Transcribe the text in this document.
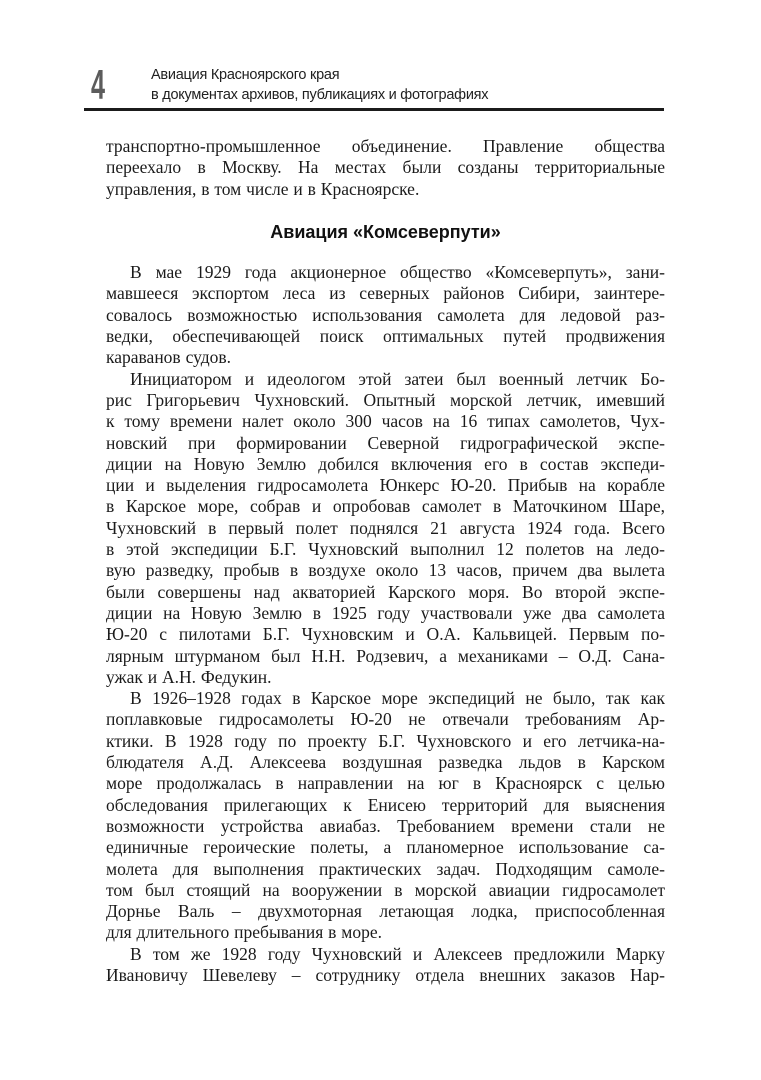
4	Авиация Красноярского края
в документах архивов, публикациях и фотографиях
транспортно-промышленное объединение. Правление общества
переехало в Москву. На местах были созданы территориальные
управления, в том числе и в Красноярске.
Авиация «Комсеверпути»
В мае 1929 года акционерное общество «Комсеверпуть», зани-
мавшееся экспортом леса из северных районов Сибири, заинтере-
совалось возможностью использования самолета для ледовой раз-
ведки, обеспечивающей поиск оптимальных путей продвижения
караванов судов.
Инициатором и идеологом этой затеи был военный летчик Бо-
рис Григорьевич Чухновский. Опытный морской летчик, имевший
к тому времени налет около 300 часов на 16 типах самолетов, Чух-
новский при формировании Северной гидрографической экспе-
диции на Новую Землю добился включения его в состав экспеди-
ции и выделения гидросамолета Юнкерс Ю-20. Прибыв на корабле
в Карское море, собрав и опробовав самолет в Маточкином Шаре,
Чухновский в первый полет поднялся 21 августа 1924 года. Всего
в этой экспедиции Б.Г. Чухновский выполнил 12 полетов на ледо-
вую разведку, пробыв в воздухе около 13 часов, причем два вылета
были совершены над акваторией Карского моря. Во второй экспе-
диции на Новую Землю в 1925 году участвовали уже два самолета
Ю-20 с пилотами Б.Г. Чухновским и О.А. Кальвицей. Первым по-
лярным штурманом был Н.Н. Родзевич, а механиками – О.Д. Сана-
ужак и А.Н. Федукин.
В 1926–1928 годах в Карское море экспедиций не было, так как
поплавковые гидросамолеты Ю-20 не отвечали требованиям Ар-
ктики. В 1928 году по проекту Б.Г. Чухновского и его летчика-на-
блюдателя А.Д. Алексеева воздушная разведка льдов в Карском
море продолжалась в направлении на юг в Красноярск с целью
обследования прилегающих к Енисею территорий для выяснения
возможности устройства авиабаз. Требованием времени стали не
единичные героические полеты, а планомерное использование са-
молета для выполнения практических задач. Подходящим самоле-
том был стоящий на вооружении в морской авиации гидросамолет
Дорнье Валь – двухмоторная летающая лодка, приспособленная
для длительного пребывания в море.
В том же 1928 году Чухновский и Алексеев предложили Марку
Ивановичу Шевелеву – сотруднику отдела внешних заказов Нар-
